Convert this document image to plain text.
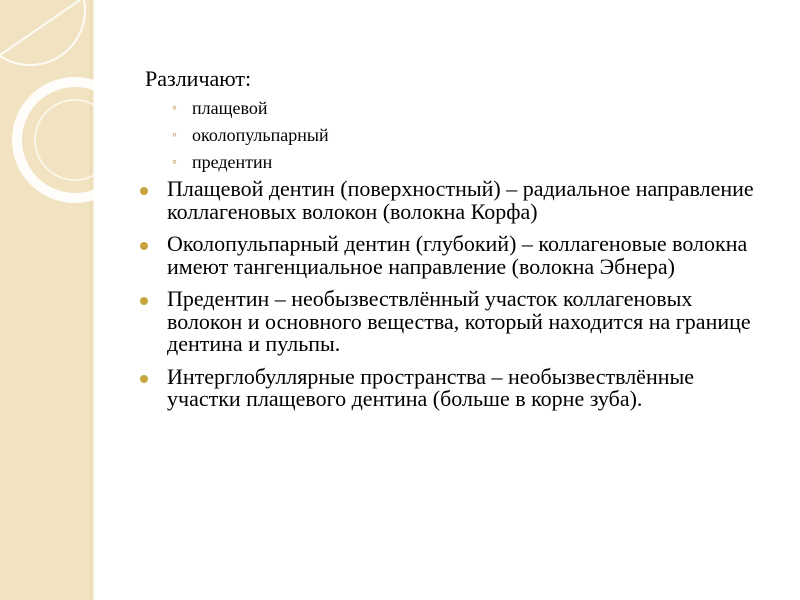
Различают:
◦ плащевой
◦ околопульпарный
◦ предентин
Плащевой дентин (поверхностный) – радиальное направление коллагеновых волокон (волокна Корфа)
Околопульпарный дентин (глубокий) – коллагеновые волокна имеют тангенциальное направление (волокна Эбнера)
Предентин – необызвествлённый участок коллагеновых волокон и основного вещества, который находится на границе дентина и пульпы.
Интерглобуллярные пространства – необызвествлённые участки плащевого дентина (больше в корне зуба).
